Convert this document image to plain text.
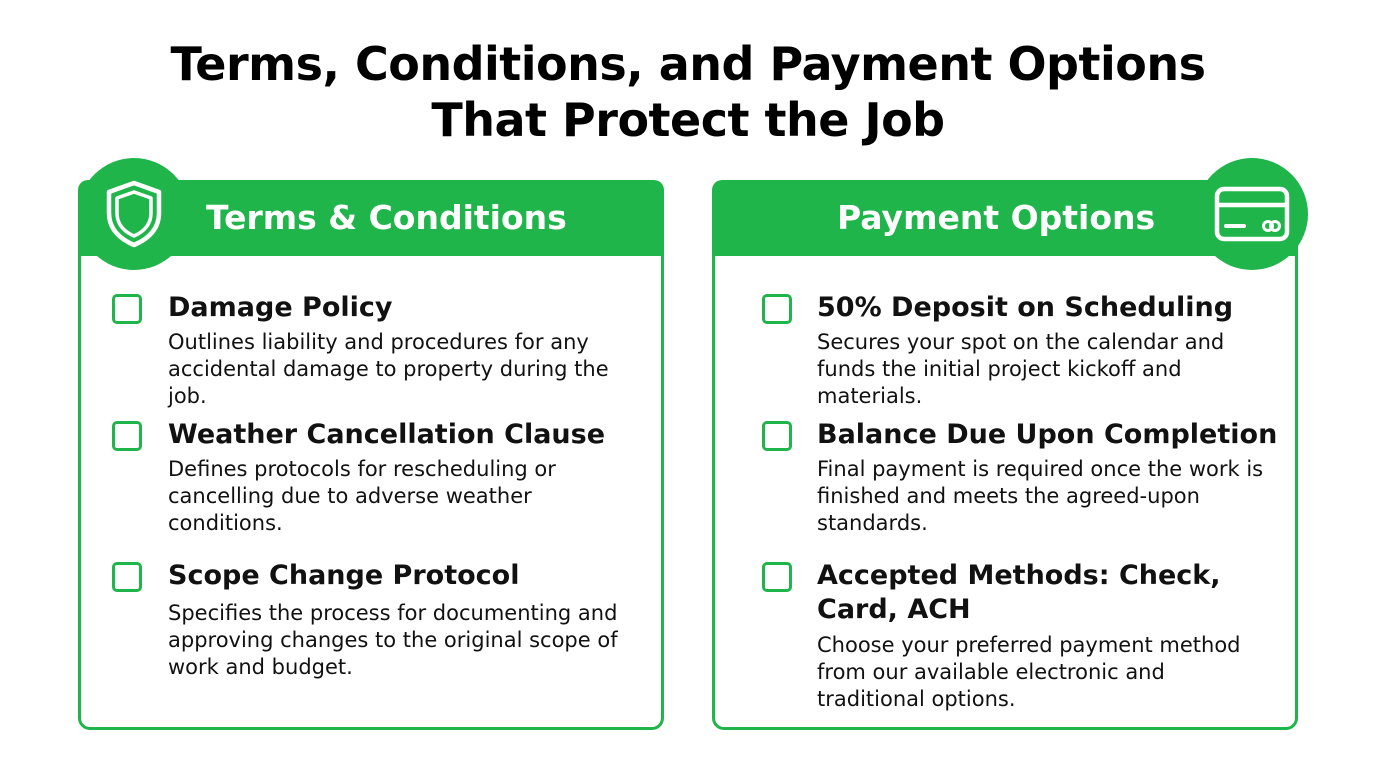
Terms, Conditions, and Payment Options
That Protect the Job
Terms & Conditions
Damage Policy
Outlines liability and procedures for any accidental damage to property during the job.
Weather Cancellation Clause
Defines protocols for rescheduling or cancelling due to adverse weather conditions.
Scope Change Protocol
Specifies the process for documenting and approving changes to the original scope of work and budget.
Payment Options
50% Deposit on Scheduling
Secures your spot on the calendar and funds the initial project kickoff and materials.
Balance Due Upon Completion
Final payment is required once the work is finished and meets the agreed-upon standards.
Accepted Methods: Check, Card, ACH
Choose your preferred payment method from our available electronic and traditional options.
